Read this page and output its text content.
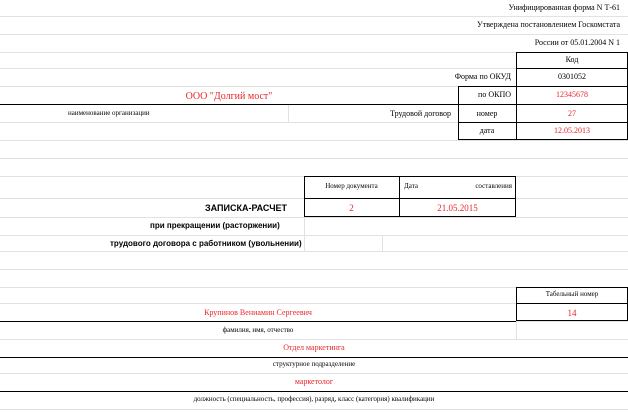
Унифицированная форма N Т-61
Утверждена постановлением Госкомстата
России от 05.01.2004 N 1
Код
Форма по ОКУД	0301052
по ОКПО	12345678
Трудовой договор	номер	27
дата	12.05.2013
ООО "Долгий мост"
наименование организации
Номер документа	Дата	составления
2	21.05.2015
ЗАПИСКА-РАСЧЕТ
при прекращении (расторжении)
трудового договора с работником (увольнении)
Табельный номер
14
Крупинов Вениамин Сергеевич
фамилия, имя, отчество
Отдел маркетинга
структурное подразделение
маркетолог
должность (специальность, профессия), разряд, класс (категория) квалификации
